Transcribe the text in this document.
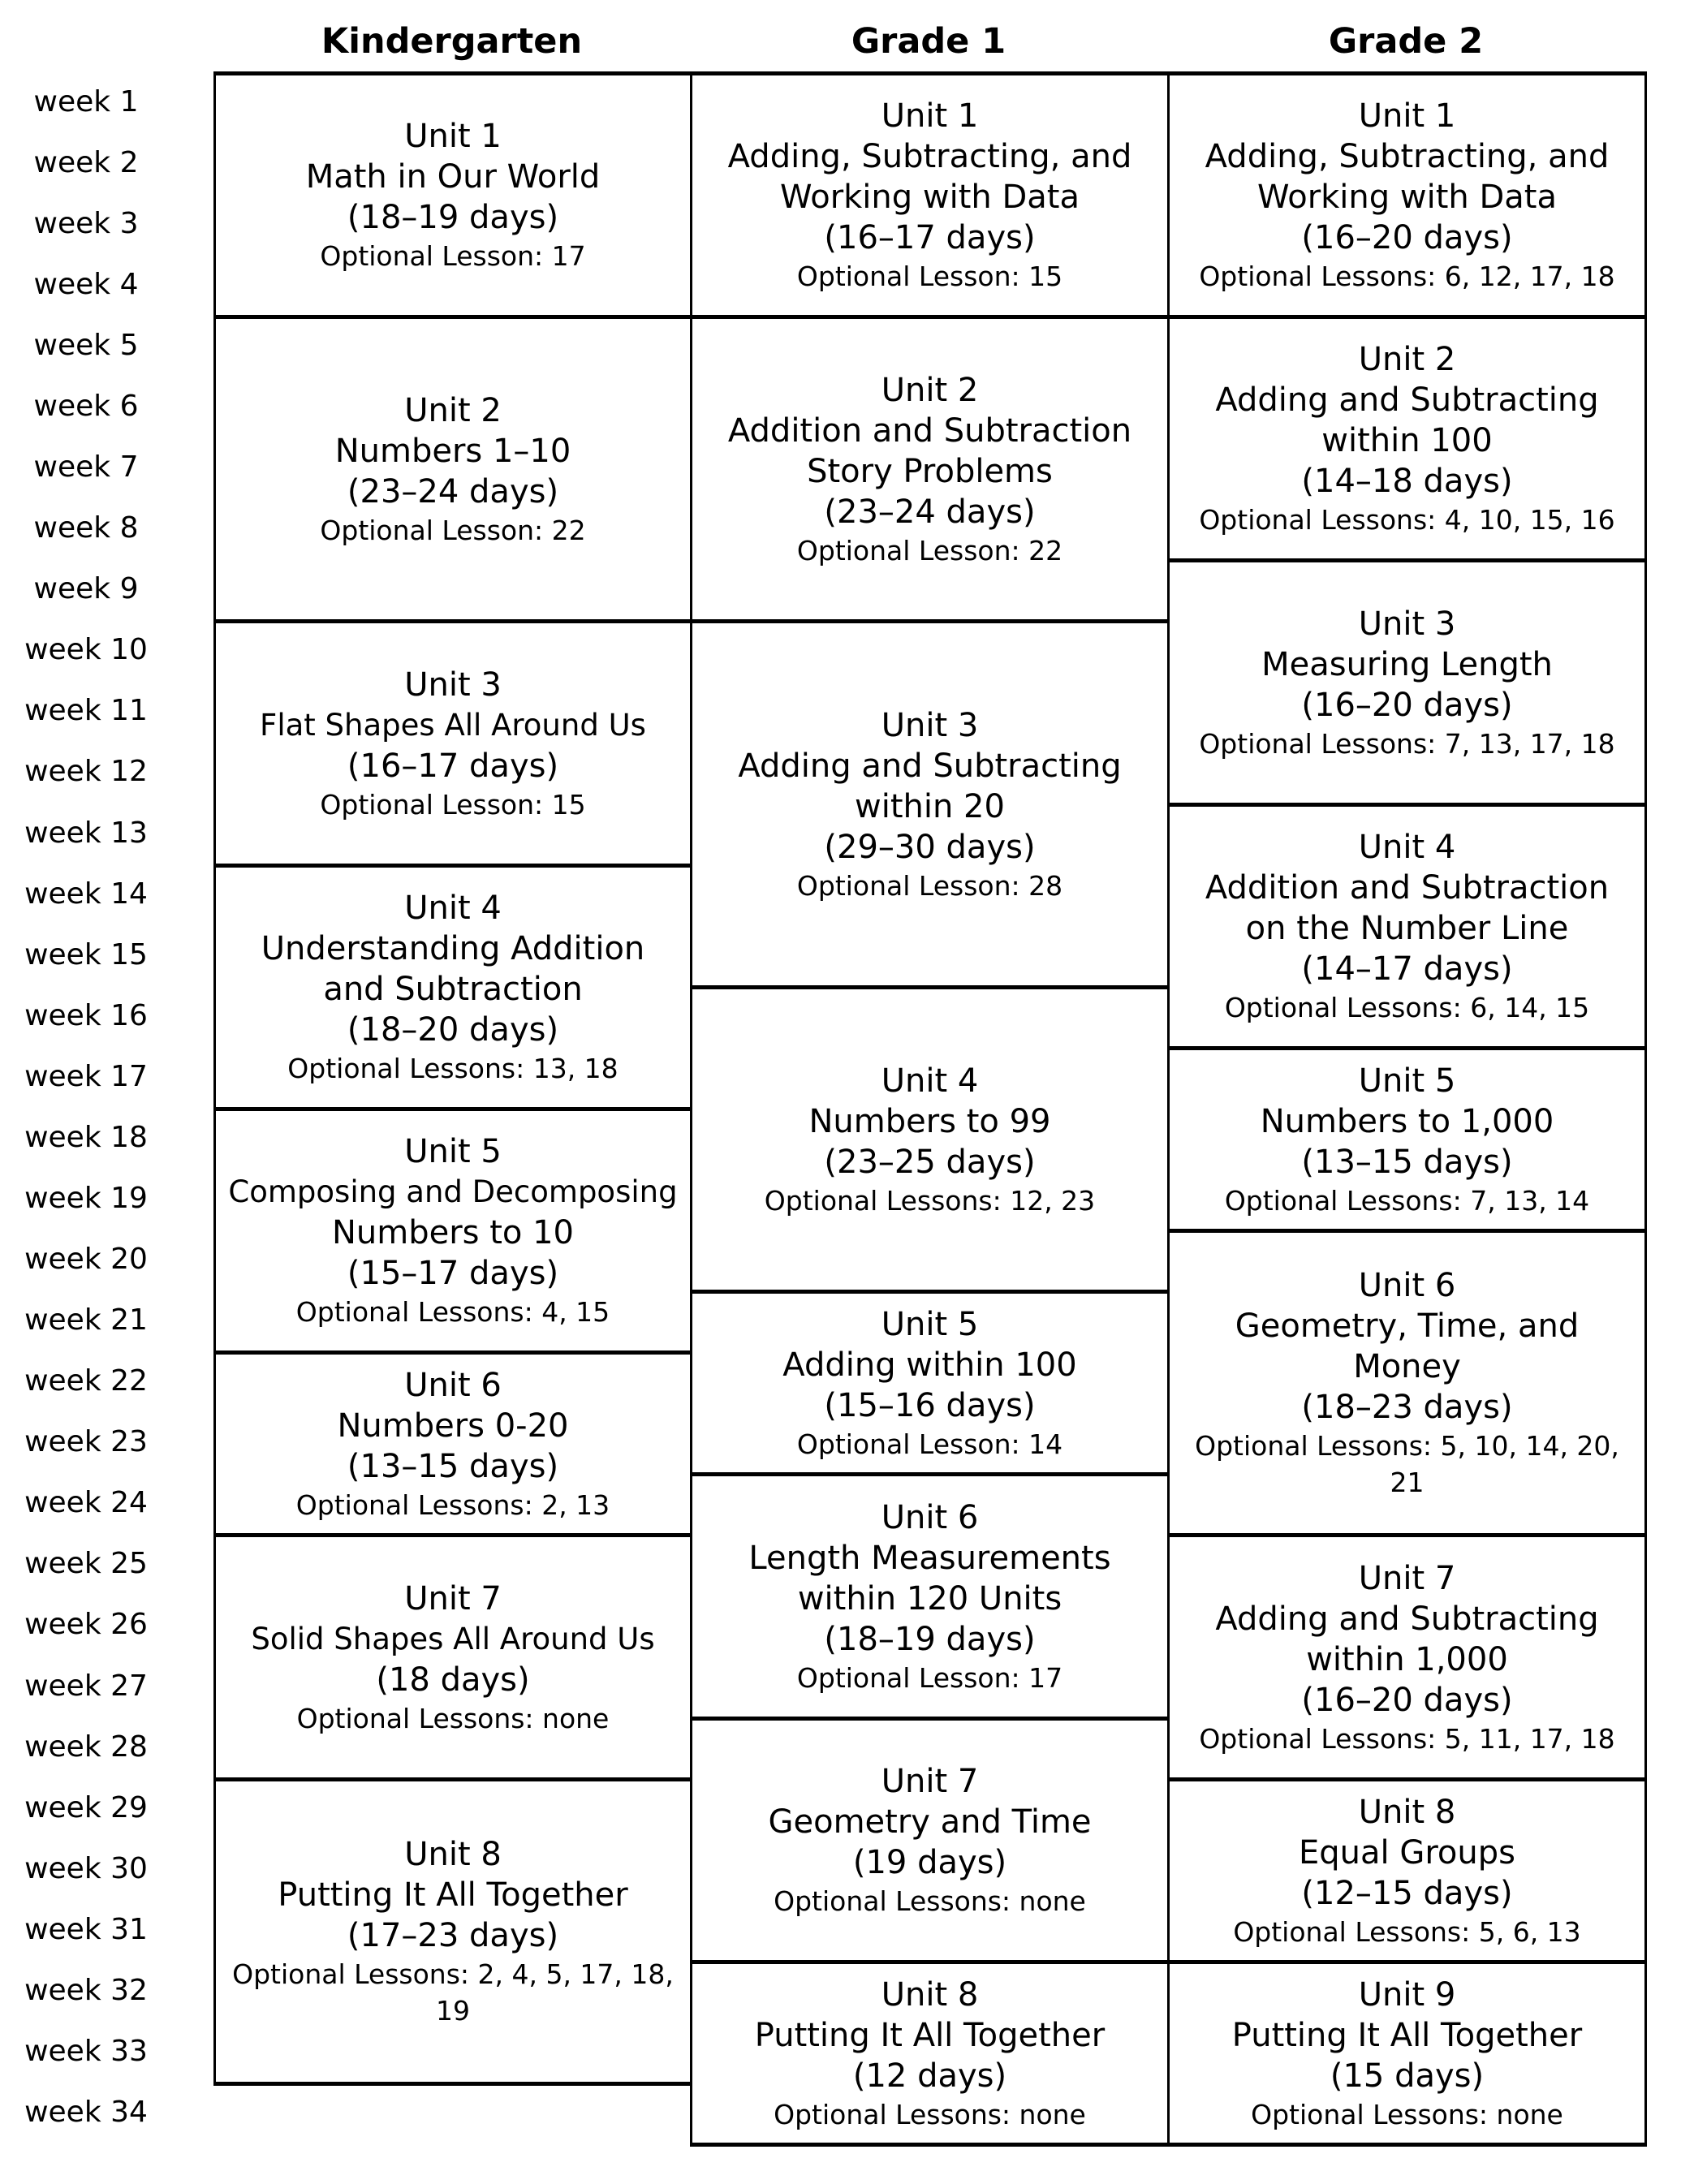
Kindergarten	Grade 1	Grade 2
week 1
week 2
week 3
week 4
week 5
week 6
week 7
week 8
week 9
week 10
week 11
week 12
week 13
week 14
week 15
week 16
week 17
week 18
week 19
week 20
week 21
week 22
week 23
week 24
week 25
week 26
week 27
week 28
week 29
week 30
week 31
week 32
week 33
week 34
Unit 1
Math in Our World
(18–19 days)
Optional Lesson: 17
Unit 2
Numbers 1–10
(23–24 days)
Optional Lesson: 22
Unit 3
Flat Shapes All Around Us
(16–17 days)
Optional Lesson: 15
Unit 4
Understanding Addition
and Subtraction
(18–20 days)
Optional Lessons: 13, 18
Unit 5
Composing and Decomposing
Numbers to 10
(15–17 days)
Optional Lessons: 4, 15
Unit 6
Numbers 0-20
(13–15 days)
Optional Lessons: 2, 13
Unit 7
Solid Shapes All Around Us
(18 days)
Optional Lessons: none
Unit 8
Putting It All Together
(17–23 days)
Optional Lessons: 2, 4, 5, 17, 18, 19
Unit 1
Adding, Subtracting, and
Working with Data
(16–17 days)
Optional Lesson: 15
Unit 2
Addition and Subtraction
Story Problems
(23–24 days)
Optional Lesson: 22
Unit 3
Adding and Subtracting
within 20
(29–30 days)
Optional Lesson: 28
Unit 4
Numbers to 99
(23–25 days)
Optional Lessons: 12, 23
Unit 5
Adding within 100
(15–16 days)
Optional Lesson: 14
Unit 6
Length Measurements
within 120 Units
(18–19 days)
Optional Lesson: 17
Unit 7
Geometry and Time
(19 days)
Optional Lessons: none
Unit 8
Putting It All Together
(12 days)
Optional Lessons: none
Unit 1
Adding, Subtracting, and
Working with Data
(16–20 days)
Optional Lessons: 6, 12, 17, 18
Unit 2
Adding and Subtracting
within 100
(14–18 days)
Optional Lessons: 4, 10, 15, 16
Unit 3
Measuring Length
(16–20 days)
Optional Lessons: 7, 13, 17, 18
Unit 4
Addition and Subtraction
on the Number Line
(14–17 days)
Optional Lessons: 6, 14, 15
Unit 5
Numbers to 1,000
(13–15 days)
Optional Lessons: 7, 13, 14
Unit 6
Geometry, Time, and
Money
(18–23 days)
Optional Lessons: 5, 10, 14, 20, 21
Unit 7
Adding and Subtracting
within 1,000
(16–20 days)
Optional Lessons: 5, 11, 17, 18
Unit 8
Equal Groups
(12–15 days)
Optional Lessons: 5, 6, 13
Unit 9
Putting It All Together
(15 days)
Optional Lessons: none
